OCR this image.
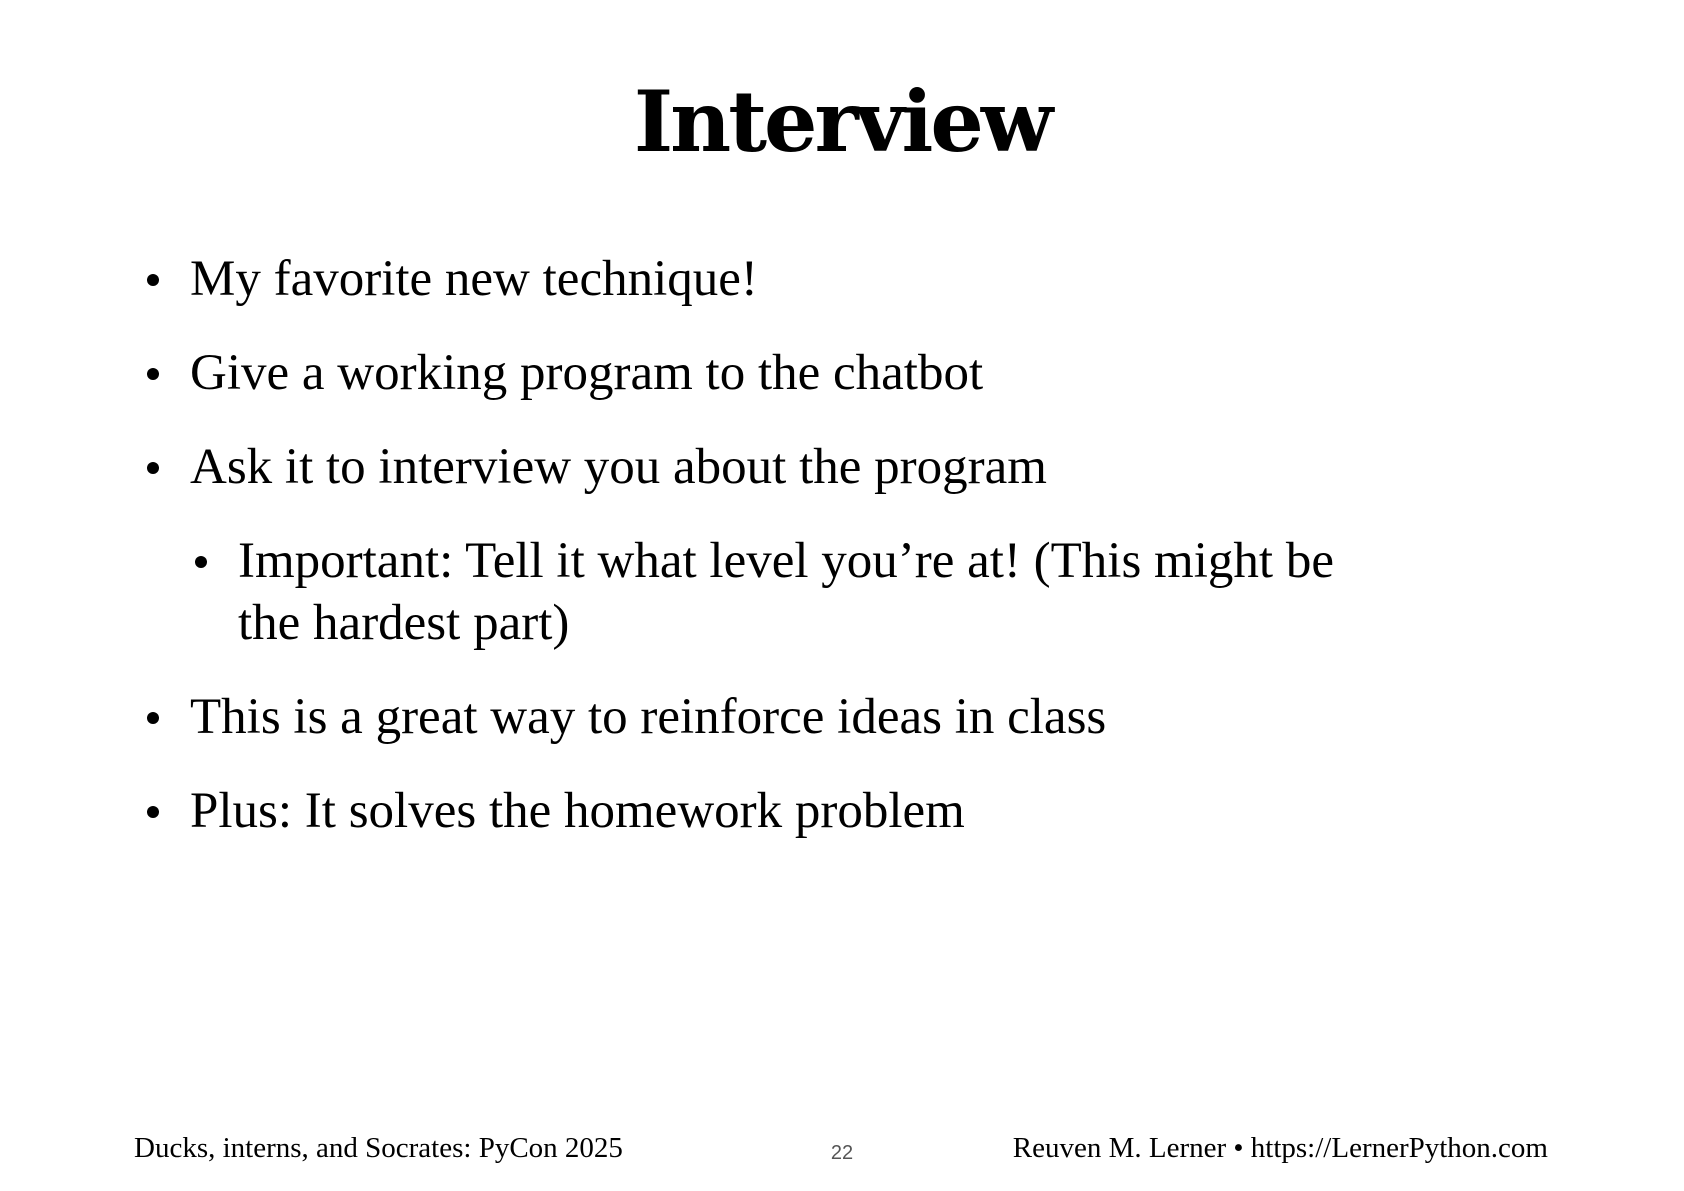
Interview
My favorite new technique!
Give a working program to the chatbot
Ask it to interview you about the program
Important: Tell it what level you’re at! (This might be the hardest part)
This is a great way to reinforce ideas in class
Plus: It solves the homework problem
Ducks, interns, and Socrates: PyCon 2025	22	Reuven M. Lerner • https://LernerPython.com
